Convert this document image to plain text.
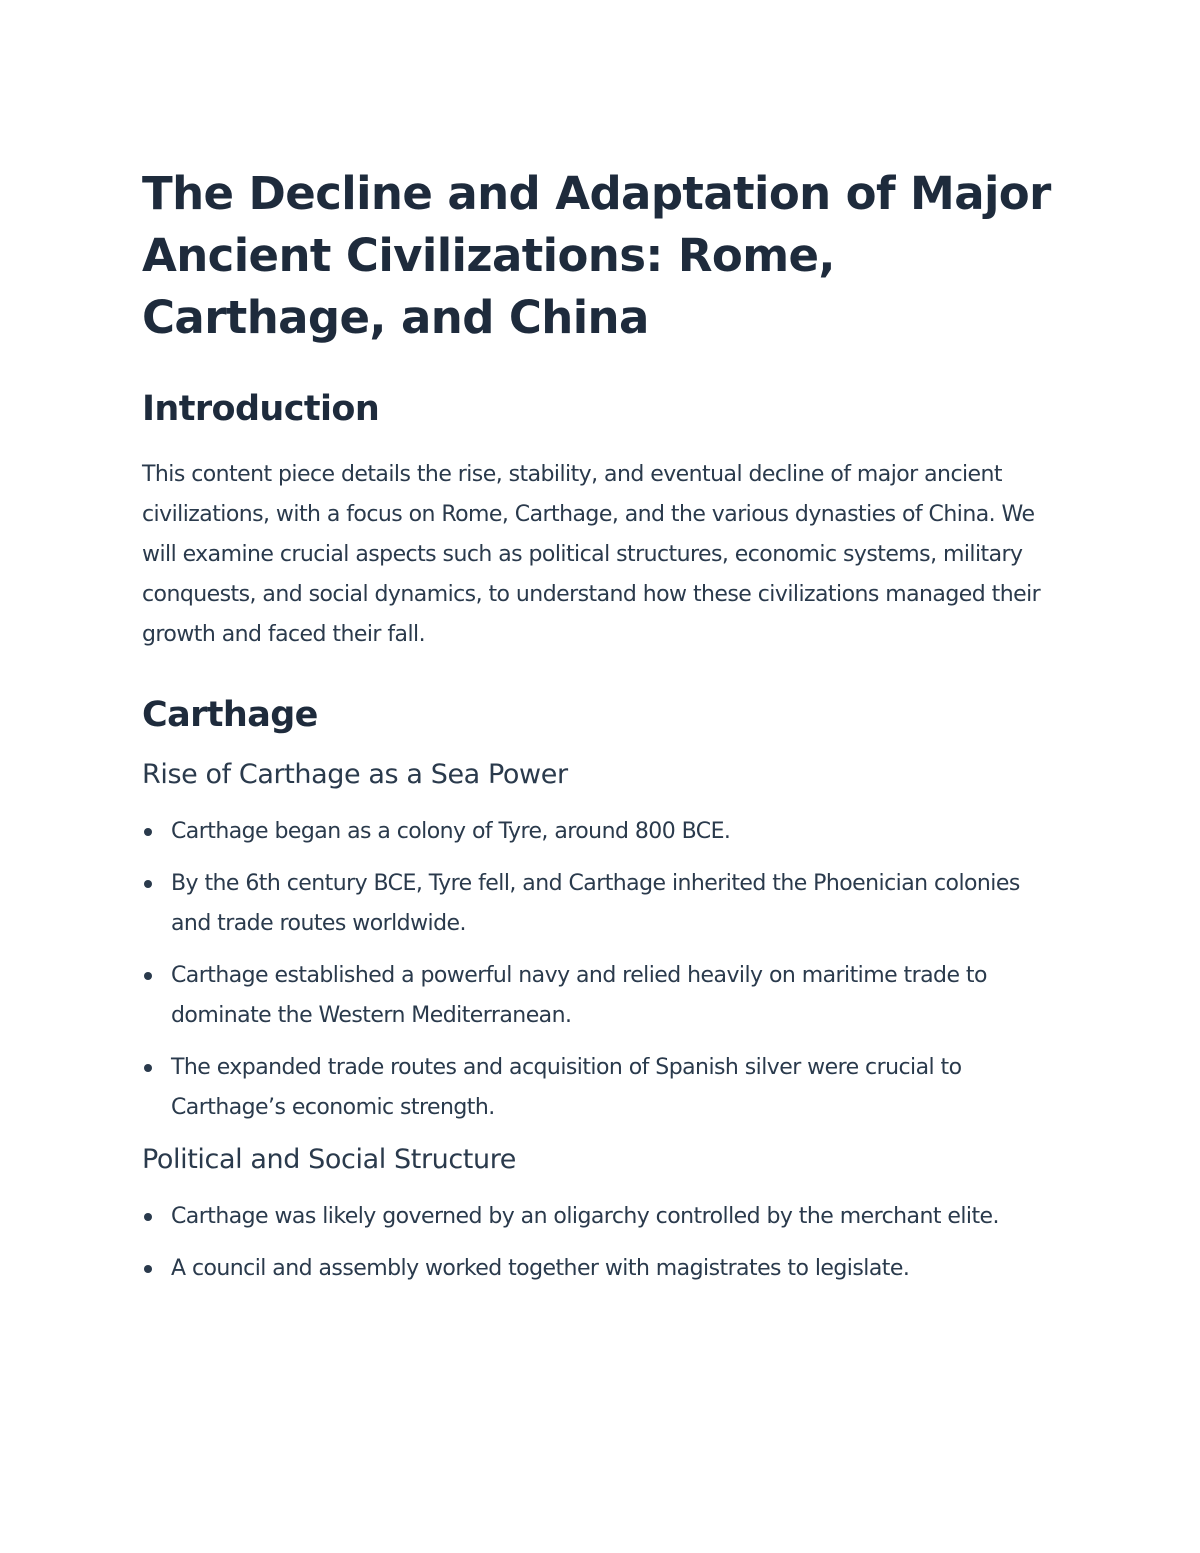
The Decline and Adaptation of Major Ancient Civilizations: Rome, Carthage, and China
Introduction

This content piece details the rise, stability, and eventual decline of major ancient civilizations, with a focus on Rome, Carthage, and the various dynasties of China. We will examine crucial aspects such as political structures, economic systems, military conquests, and social dynamics, to understand how these civilizations managed their growth and faced their fall.

Carthage
Rise of Carthage as a Sea Power
Carthage began as a colony of Tyre, around 800 BCE.
By the 6th century BCE, Tyre fell, and Carthage inherited the Phoenician colonies and trade routes worldwide.
Carthage established a powerful navy and relied heavily on maritime trade to dominate the Western Mediterranean.
The expanded trade routes and acquisition of Spanish silver were crucial to Carthage’s economic strength.
Political and Social Structure
Carthage was likely governed by an oligarchy controlled by the merchant elite.
A council and assembly worked together with magistrates to legislate.
